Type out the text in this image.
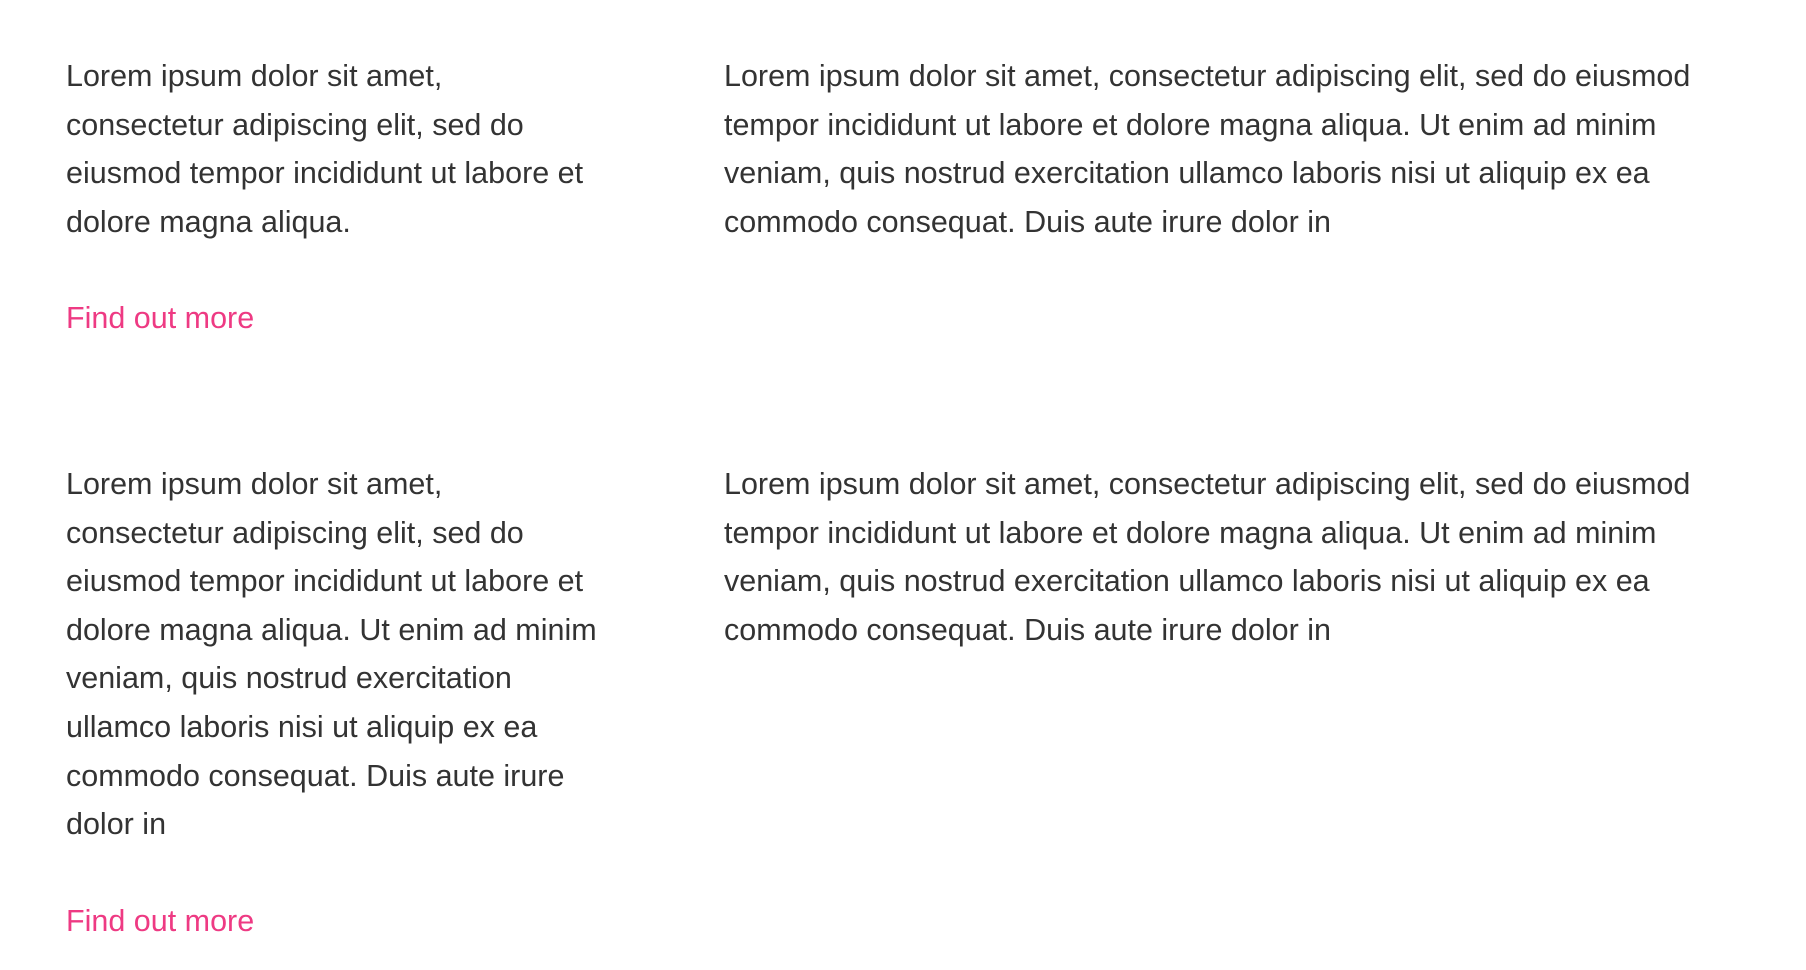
Lorem ipsum dolor sit amet, consectetur adipiscing elit, sed do eiusmod tempor incididunt ut labore et dolore magna aliqua.

Find out more

Lorem ipsum dolor sit amet, consectetur adipiscing elit, sed do eiusmod tempor incididunt ut labore et dolore magna aliqua. Ut enim ad minim veniam, quis nostrud exercitation ullamco laboris nisi ut aliquip ex ea commodo consequat. Duis aute irure dolor in

Lorem ipsum dolor sit amet, consectetur adipiscing elit, sed do eiusmod tempor incididunt ut labore et dolore magna aliqua. Ut enim ad minim veniam, quis nostrud exercitation ullamco laboris nisi ut aliquip ex ea commodo consequat. Duis aute irure dolor in

Find out more

Lorem ipsum dolor sit amet, consectetur adipiscing elit, sed do eiusmod tempor incididunt ut labore et dolore magna aliqua. Ut enim ad minim veniam, quis nostrud exercitation ullamco laboris nisi ut aliquip ex ea commodo consequat. Duis aute irure dolor in
